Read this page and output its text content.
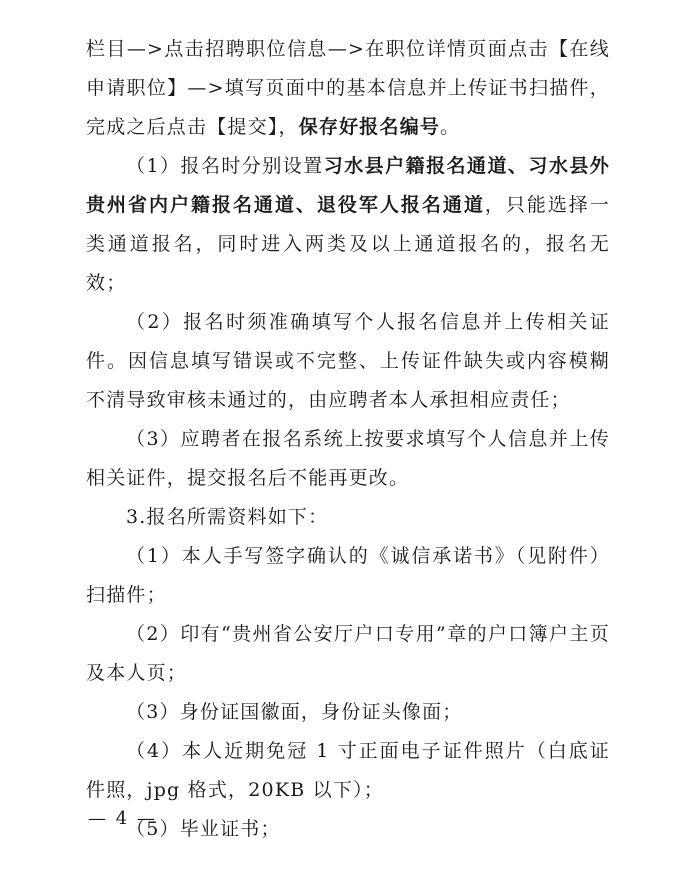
栏目—>点击招聘职位信息—>在职位详情页面点击【在线申请职位】—>填写页面中的基本信息并上传证书扫描件，完成之后点击【提交】，保存好报名编号。

（1）报名时分别设置习水县户籍报名通道、习水县外贵州省内户籍报名通道、退役军人报名通道，只能选择一类通道报名，同时进入两类及以上通道报名的，报名无效；

（2）报名时须准确填写个人报名信息并上传相关证件。因信息填写错误或不完整、上传证件缺失或内容模糊不清导致审核未通过的，由应聘者本人承担相应责任；

（3）应聘者在报名系统上按要求填写个人信息并上传相关证件，提交报名后不能再更改。

3.报名所需资料如下：

（1）本人手写签字确认的《诚信承诺书》（见附件）扫描件；

（2）印有“贵州省公安厅户口专用”章的户口簿户主页及本人页；

（3）身份证国徽面，身份证头像面；

（4）本人近期免冠 1 寸正面电子证件照片（白底证件照，jpg 格式，20KB 以下）；

（5）毕业证书；

— 4 —
